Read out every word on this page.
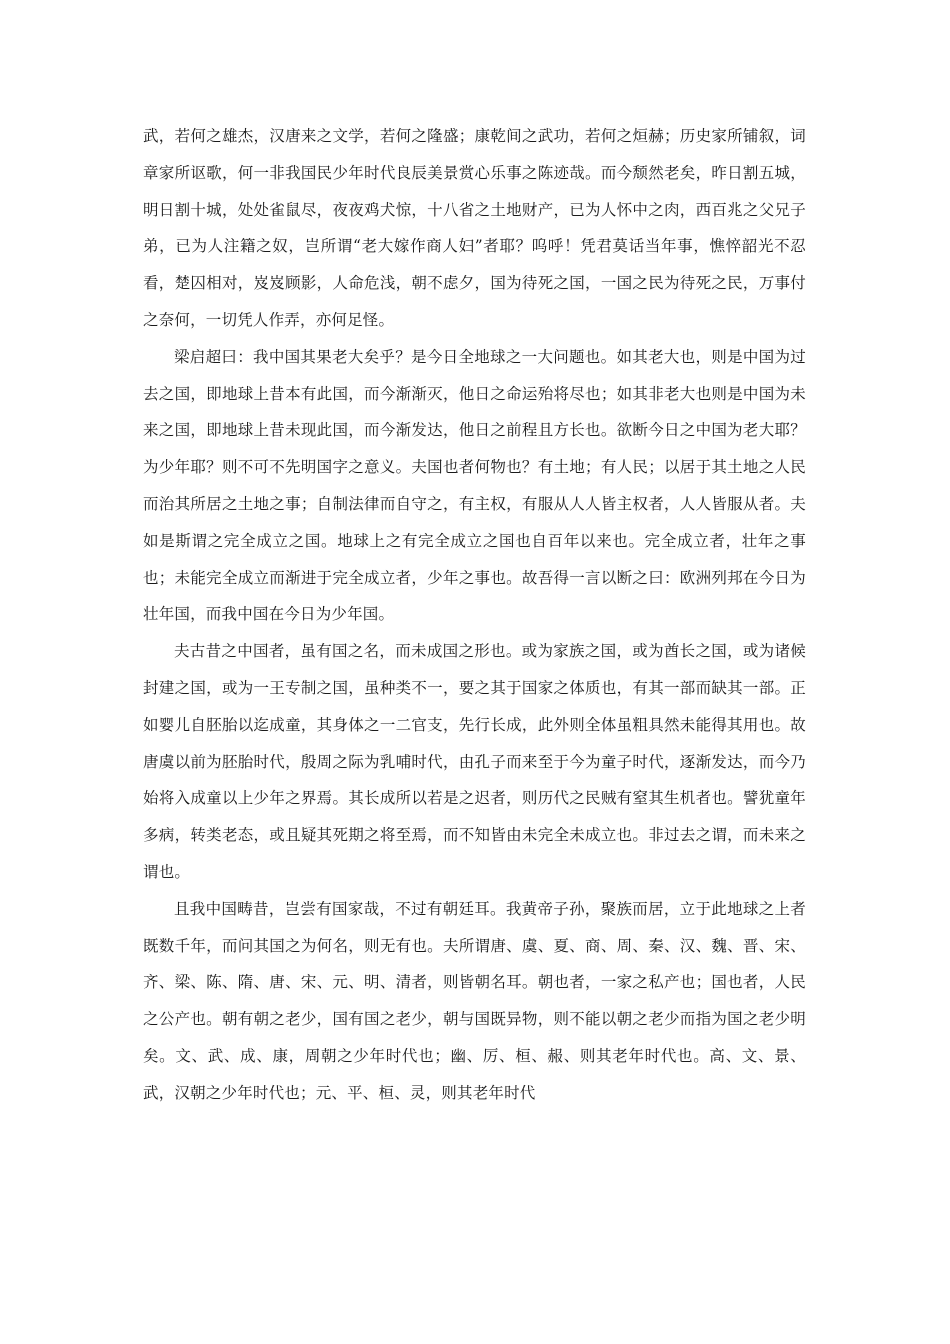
武，若何之雄杰，汉唐来之文学，若何之隆盛；康乾间之武功，若何之烜赫；历史家所铺叙，词章家所讴歌，何一非我国民少年时代良辰美景赏心乐事之陈迹哉。而今颓然老矣，昨日割五城，明日割十城，处处雀鼠尽，夜夜鸡犬惊，十八省之土地财产，已为人怀中之肉，西百兆之父兄子弟，已为人注籍之奴，岂所谓“老大嫁作商人妇”者耶？呜呼！凭君莫话当年事，憔悴韶光不忍看，楚囚相对，岌岌顾影，人命危浅，朝不虑夕，国为待死之国，一国之民为待死之民，万事付之奈何，一切凭人作弄，亦何足怪。

梁启超曰：我中国其果老大矣乎？是今日全地球之一大问题也。如其老大也，则是中国为过去之国，即地球上昔本有此国，而今渐渐灭，他日之命运殆将尽也；如其非老大也则是中国为未来之国，即地球上昔未现此国，而今渐发达，他日之前程且方长也。欲断今日之中国为老大耶？为少年耶？则不可不先明国字之意义。夫国也者何物也？有土地；有人民；以居于其土地之人民而治其所居之土地之事；自制法律而自守之，有主权，有服从人人皆主权者，人人皆服从者。夫如是斯谓之完全成立之国。地球上之有完全成立之国也自百年以来也。完全成立者，壮年之事也；未能完全成立而渐进于完全成立者，少年之事也。故吾得一言以断之曰：欧洲列邦在今日为壮年国，而我中国在今日为少年国。

夫古昔之中国者，虽有国之名，而未成国之形也。或为家族之国，或为酋长之国，或为诸候封建之国，或为一王专制之国，虽种类不一，要之其于国家之体质也，有其一部而缺其一部。正如婴儿自胚胎以迄成童，其身体之一二官支，先行长成，此外则全体虽粗具然未能得其用也。故唐虞以前为胚胎时代，殷周之际为乳哺时代，由孔子而来至于今为童子时代，逐渐发达，而今乃始将入成童以上少年之界焉。其长成所以若是之迟者，则历代之民贼有窒其生机者也。譬犹童年多病，转类老态，或且疑其死期之将至焉，而不知皆由未完全未成立也。非过去之谓，而未来之谓也。

且我中国畴昔，岂尝有国家哉，不过有朝廷耳。我黄帝子孙，聚族而居，立于此地球之上者既数千年，而问其国之为何名，则无有也。夫所谓唐、虞、夏、商、周、秦、汉、魏、晋、宋、齐、梁、陈、隋、唐、宋、元、明、清者，则皆朝名耳。朝也者，一家之私产也；国也者，人民之公产也。朝有朝之老少，国有国之老少，朝与国既异物，则不能以朝之老少而指为国之老少明矣。文、武、成、康，周朝之少年时代也；幽、厉、桓、赧、则其老年时代也。高、文、景、武，汉朝之少年时代也；元、平、桓、灵，则其老年时代
